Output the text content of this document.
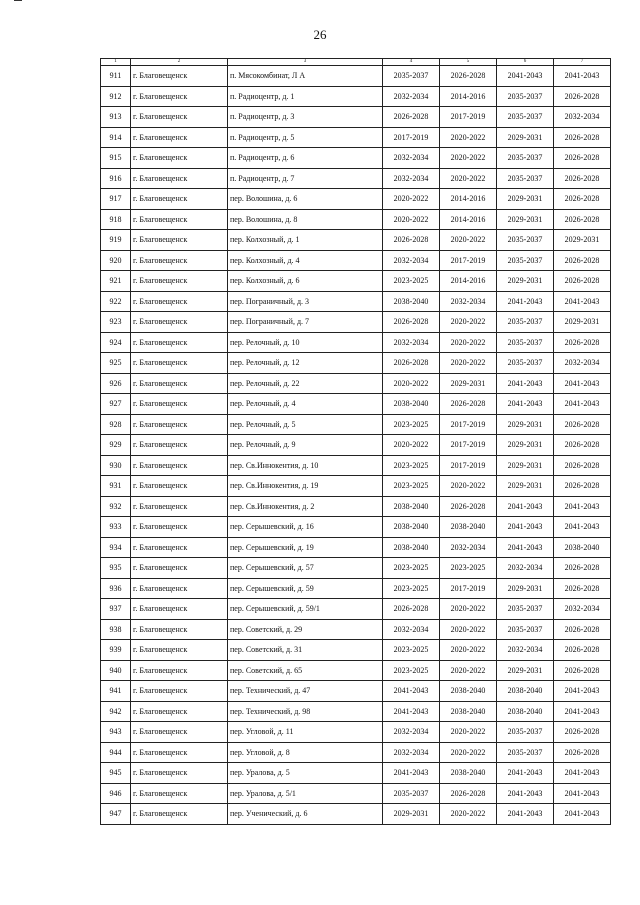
26
1	2	3	4	5	6	7
911	г. Благовещенск	п. Мясокомбинат, Л А	2035-2037	2026-2028	2041-2043	2041-2043
912	г. Благовещенск	п. Радиоцентр, д. 1	2032-2034	2014-2016	2035-2037	2026-2028
913	г. Благовещенск	п. Радиоцентр, д. 3	2026-2028	2017-2019	2035-2037	2032-2034
914	г. Благовещенск	п. Радиоцентр, д. 5	2017-2019	2020-2022	2029-2031	2026-2028
915	г. Благовещенск	п. Радиоцентр, д. 6	2032-2034	2020-2022	2035-2037	2026-2028
916	г. Благовещенск	п. Радиоцентр, д. 7	2032-2034	2020-2022	2035-2037	2026-2028
917	г. Благовещенск	пер. Волошина, д. 6	2020-2022	2014-2016	2029-2031	2026-2028
918	г. Благовещенск	пер. Волошина, д. 8	2020-2022	2014-2016	2029-2031	2026-2028
919	г. Благовещенск	пер. Колхозный, д. 1	2026-2028	2020-2022	2035-2037	2029-2031
920	г. Благовещенск	пер. Колхозный, д. 4	2032-2034	2017-2019	2035-2037	2026-2028
921	г. Благовещенск	пер. Колхозный, д. 6	2023-2025	2014-2016	2029-2031	2026-2028
922	г. Благовещенск	пер. Пограничный, д. 3	2038-2040	2032-2034	2041-2043	2041-2043
923	г. Благовещенск	пер. Пограничный, д. 7	2026-2028	2020-2022	2035-2037	2029-2031
924	г. Благовещенск	пер. Релочный, д. 10	2032-2034	2020-2022	2035-2037	2026-2028
925	г. Благовещенск	пер. Релочный, д. 12	2026-2028	2020-2022	2035-2037	2032-2034
926	г. Благовещенск	пер. Релочный, д. 22	2020-2022	2029-2031	2041-2043	2041-2043
927	г. Благовещенск	пер. Релочный, д. 4	2038-2040	2026-2028	2041-2043	2041-2043
928	г. Благовещенск	пер. Релочный, д. 5	2023-2025	2017-2019	2029-2031	2026-2028
929	г. Благовещенск	пер. Релочный, д. 9	2020-2022	2017-2019	2029-2031	2026-2028
930	г. Благовещенск	пер. Св.Иннокентия, д. 10	2023-2025	2017-2019	2029-2031	2026-2028
931	г. Благовещенск	пер. Св.Иннокентия, д. 19	2023-2025	2020-2022	2029-2031	2026-2028
932	г. Благовещенск	пер. Св.Иннокентия, д. 2	2038-2040	2026-2028	2041-2043	2041-2043
933	г. Благовещенск	пер. Серышевский, д. 16	2038-2040	2038-2040	2041-2043	2041-2043
934	г. Благовещенск	пер. Серышевский, д. 19	2038-2040	2032-2034	2041-2043	2038-2040
935	г. Благовещенск	пер. Серышевский, д. 57	2023-2025	2023-2025	2032-2034	2026-2028
936	г. Благовещенск	пер. Серышевский, д. 59	2023-2025	2017-2019	2029-2031	2026-2028
937	г. Благовещенск	пер. Серышевский, д. 59/1	2026-2028	2020-2022	2035-2037	2032-2034
938	г. Благовещенск	пер. Советский, д. 29	2032-2034	2020-2022	2035-2037	2026-2028
939	г. Благовещенск	пер. Советский, д. 31	2023-2025	2020-2022	2032-2034	2026-2028
940	г. Благовещенск	пер. Советский, д. 65	2023-2025	2020-2022	2029-2031	2026-2028
941	г. Благовещенск	пер. Технический, д. 47	2041-2043	2038-2040	2038-2040	2041-2043
942	г. Благовещенск	пер. Технический, д. 98	2041-2043	2038-2040	2038-2040	2041-2043
943	г. Благовещенск	пер. Угловой, д. 11	2032-2034	2020-2022	2035-2037	2026-2028
944	г. Благовещенск	пер. Угловой, д. 8	2032-2034	2020-2022	2035-2037	2026-2028
945	г. Благовещенск	пер. Уралова, д. 5	2041-2043	2038-2040	2041-2043	2041-2043
946	г. Благовещенск	пер. Уралова, д. 5/1	2035-2037	2026-2028	2041-2043	2041-2043
947	г. Благовещенск	пер. Ученический, д. 6	2029-2031	2020-2022	2041-2043	2041-2043
